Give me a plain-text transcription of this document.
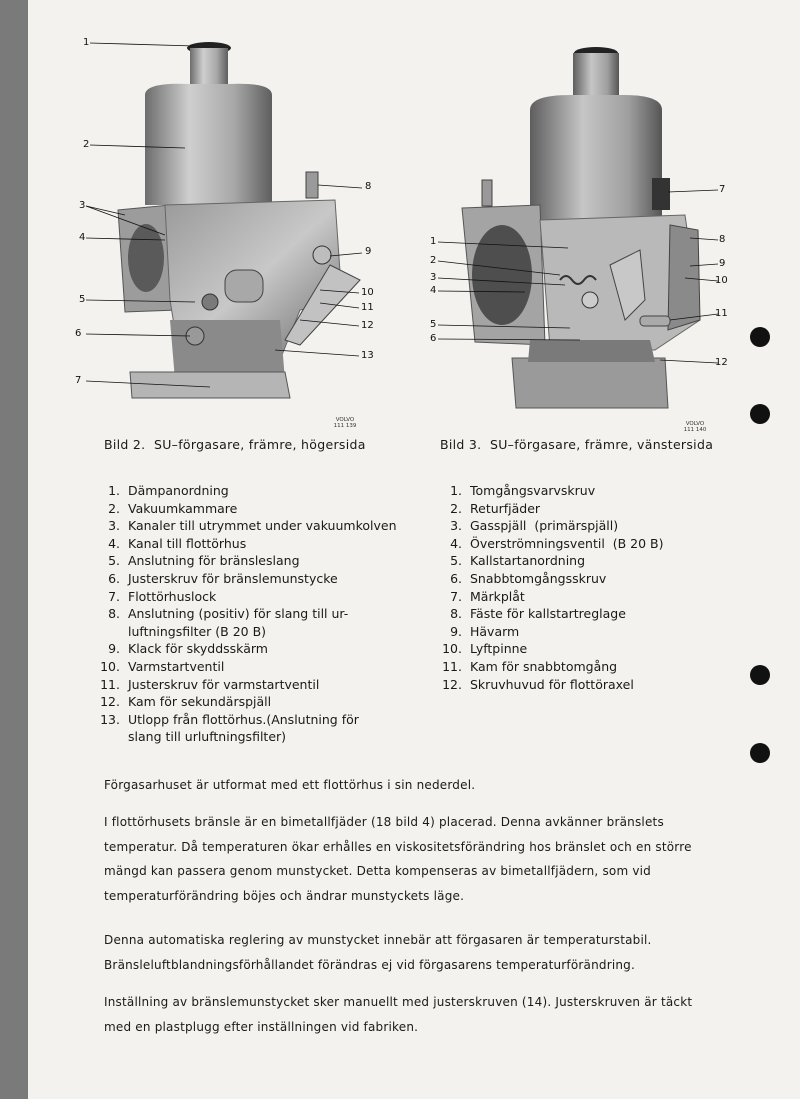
1
2
3
4
5
6
7
8
9
10
11
12
13
VOLVO
111 139
Bild 2.  SU–förgasare, främre, högersida
1
2
3
4
5
6
7
8
9
10
11
12
VOLVO
111 140
Bild 3.  SU–förgasare, främre, vänstersida
1. Dämpanordning
2. Vakuumkammare
3. Kanaler till utrymmet under vakuumkolven
4. Kanal till flottörhus
5. Anslutning för bränsleslang
6. Justerskruv för bränslemunstycke
7. Flottörhuslock
8. Anslutning (positiv) för slang till ur-
luftningsfilter (B 20 B)
9. Klack för skyddsskärm
10. Varmstartventil
11. Justerskruv för varmstartventil
12. Kam för sekundärspjäll
13. Utlopp från flottörhus.(Anslutning för
slang till urluftningsfilter)
1. Tomgångsvarvskruv
2. Returfjäder
3. Gasspjäll  (primärspjäll)
4. Överströmningsventil  (B 20 B)
5. Kallstartanordning
6. Snabbtomgångsskruv
7. Märkplåt
8. Fäste för kallstartreglage
9. Hävarm
10. Lyftpinne
11. Kam för snabbtomgång
12. Skruvhuvud för flottöraxel

Förgasarhuset är utformat med ett flottörhus i sin nederdel.

I flottörhusets bränsle är en bimetallfjäder (18 bild 4) placerad. Denna avkänner bränslets temperatur. Då temperaturen ökar erhålles en viskositetsförändring hos bränslet och en större mängd kan passera genom munstycket. Detta kompenseras av bimetallfjädern, som vid temperaturförändring böjes och ändrar munstyckets läge.

Denna automatiska reglering av munstycket innebär att förgasaren är temperaturstabil. Bränsleluftblandningsförhållandet förändras ej vid förgasarens temperaturförändring.

Inställning av bränslemunstycket sker manuellt med justerskruven (14). Justerskruven är täckt med en plastplugg efter inställningen vid fabriken.
